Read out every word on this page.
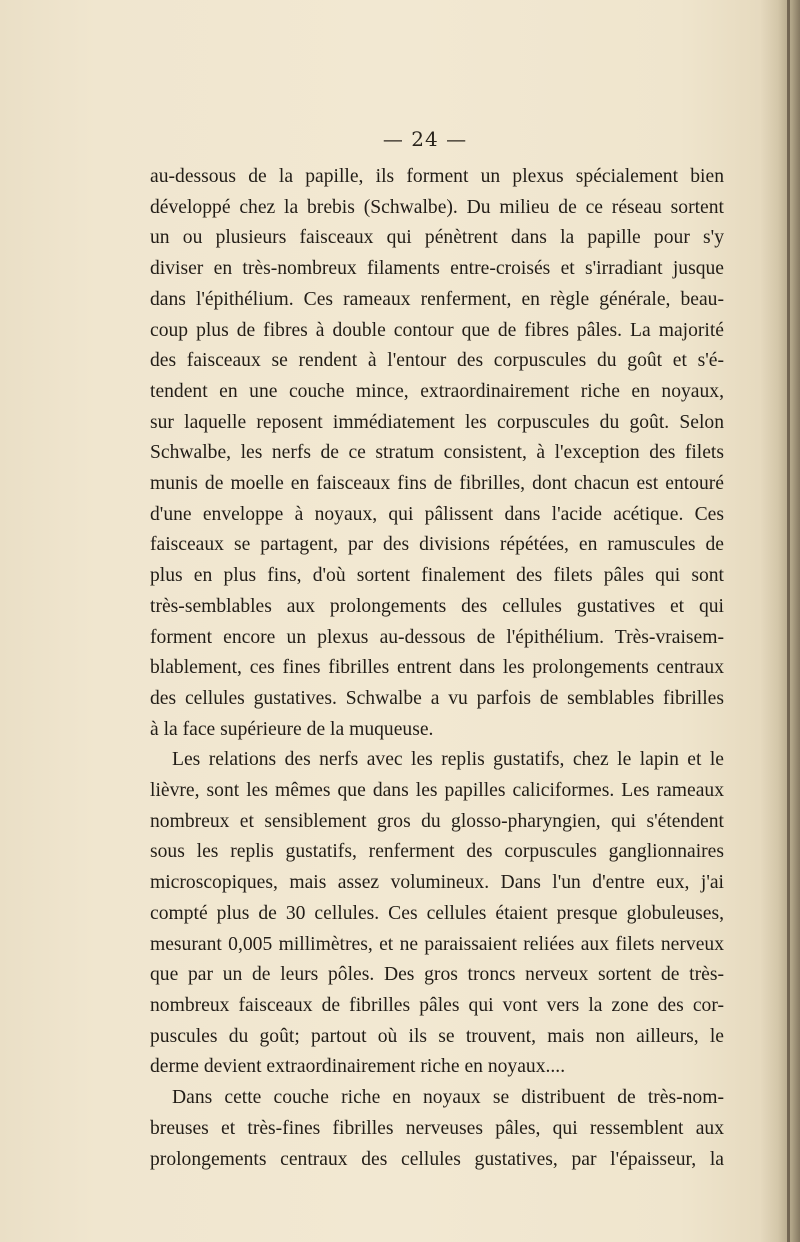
— 24 —
au-dessous de la papille, ils forment un plexus spécialement bien
développé chez la brebis (Schwalbe). Du milieu de ce réseau sortent
un ou plusieurs faisceaux qui pénètrent dans la papille pour s'y
diviser en très-nombreux filaments entre-croisés et s'irradiant jusque
dans l'épithélium. Ces rameaux renferment, en règle générale, beau-
coup plus de fibres à double contour que de fibres pâles. La majorité
des faisceaux se rendent à l'entour des corpuscules du goût et s'é-
tendent en une couche mince, extraordinairement riche en noyaux,
sur laquelle reposent immédiatement les corpuscules du goût. Selon
Schwalbe, les nerfs de ce stratum consistent, à l'exception des filets
munis de moelle en faisceaux fins de fibrilles, dont chacun est entouré
d'une enveloppe à noyaux, qui pâlissent dans l'acide acétique. Ces
faisceaux se partagent, par des divisions répétées, en ramuscules de
plus en plus fins, d'où sortent finalement des filets pâles qui sont
très-semblables aux prolongements des cellules gustatives et qui
forment encore un plexus au-dessous de l'épithélium. Très-vraisem-
blablement, ces fines fibrilles entrent dans les prolongements centraux
des cellules gustatives. Schwalbe a vu parfois de semblables fibrilles
à la face supérieure de la muqueuse.
Les relations des nerfs avec les replis gustatifs, chez le lapin et le
lièvre, sont les mêmes que dans les papilles caliciformes. Les rameaux
nombreux et sensiblement gros du glosso-pharyngien, qui s'étendent
sous les replis gustatifs, renferment des corpuscules ganglionnaires
microscopiques, mais assez volumineux. Dans l'un d'entre eux, j'ai
compté plus de 30 cellules. Ces cellules étaient presque globuleuses,
mesurant 0,005 millimètres, et ne paraissaient reliées aux filets nerveux
que par un de leurs pôles. Des gros troncs nerveux sortent de très-
nombreux faisceaux de fibrilles pâles qui vont vers la zone des cor-
puscules du goût; partout où ils se trouvent, mais non ailleurs, le
derme devient extraordinairement riche en noyaux....
Dans cette couche riche en noyaux se distribuent de très-nom-
breuses et très-fines fibrilles nerveuses pâles, qui ressemblent aux
prolongements centraux des cellules gustatives, par l'épaisseur, la
